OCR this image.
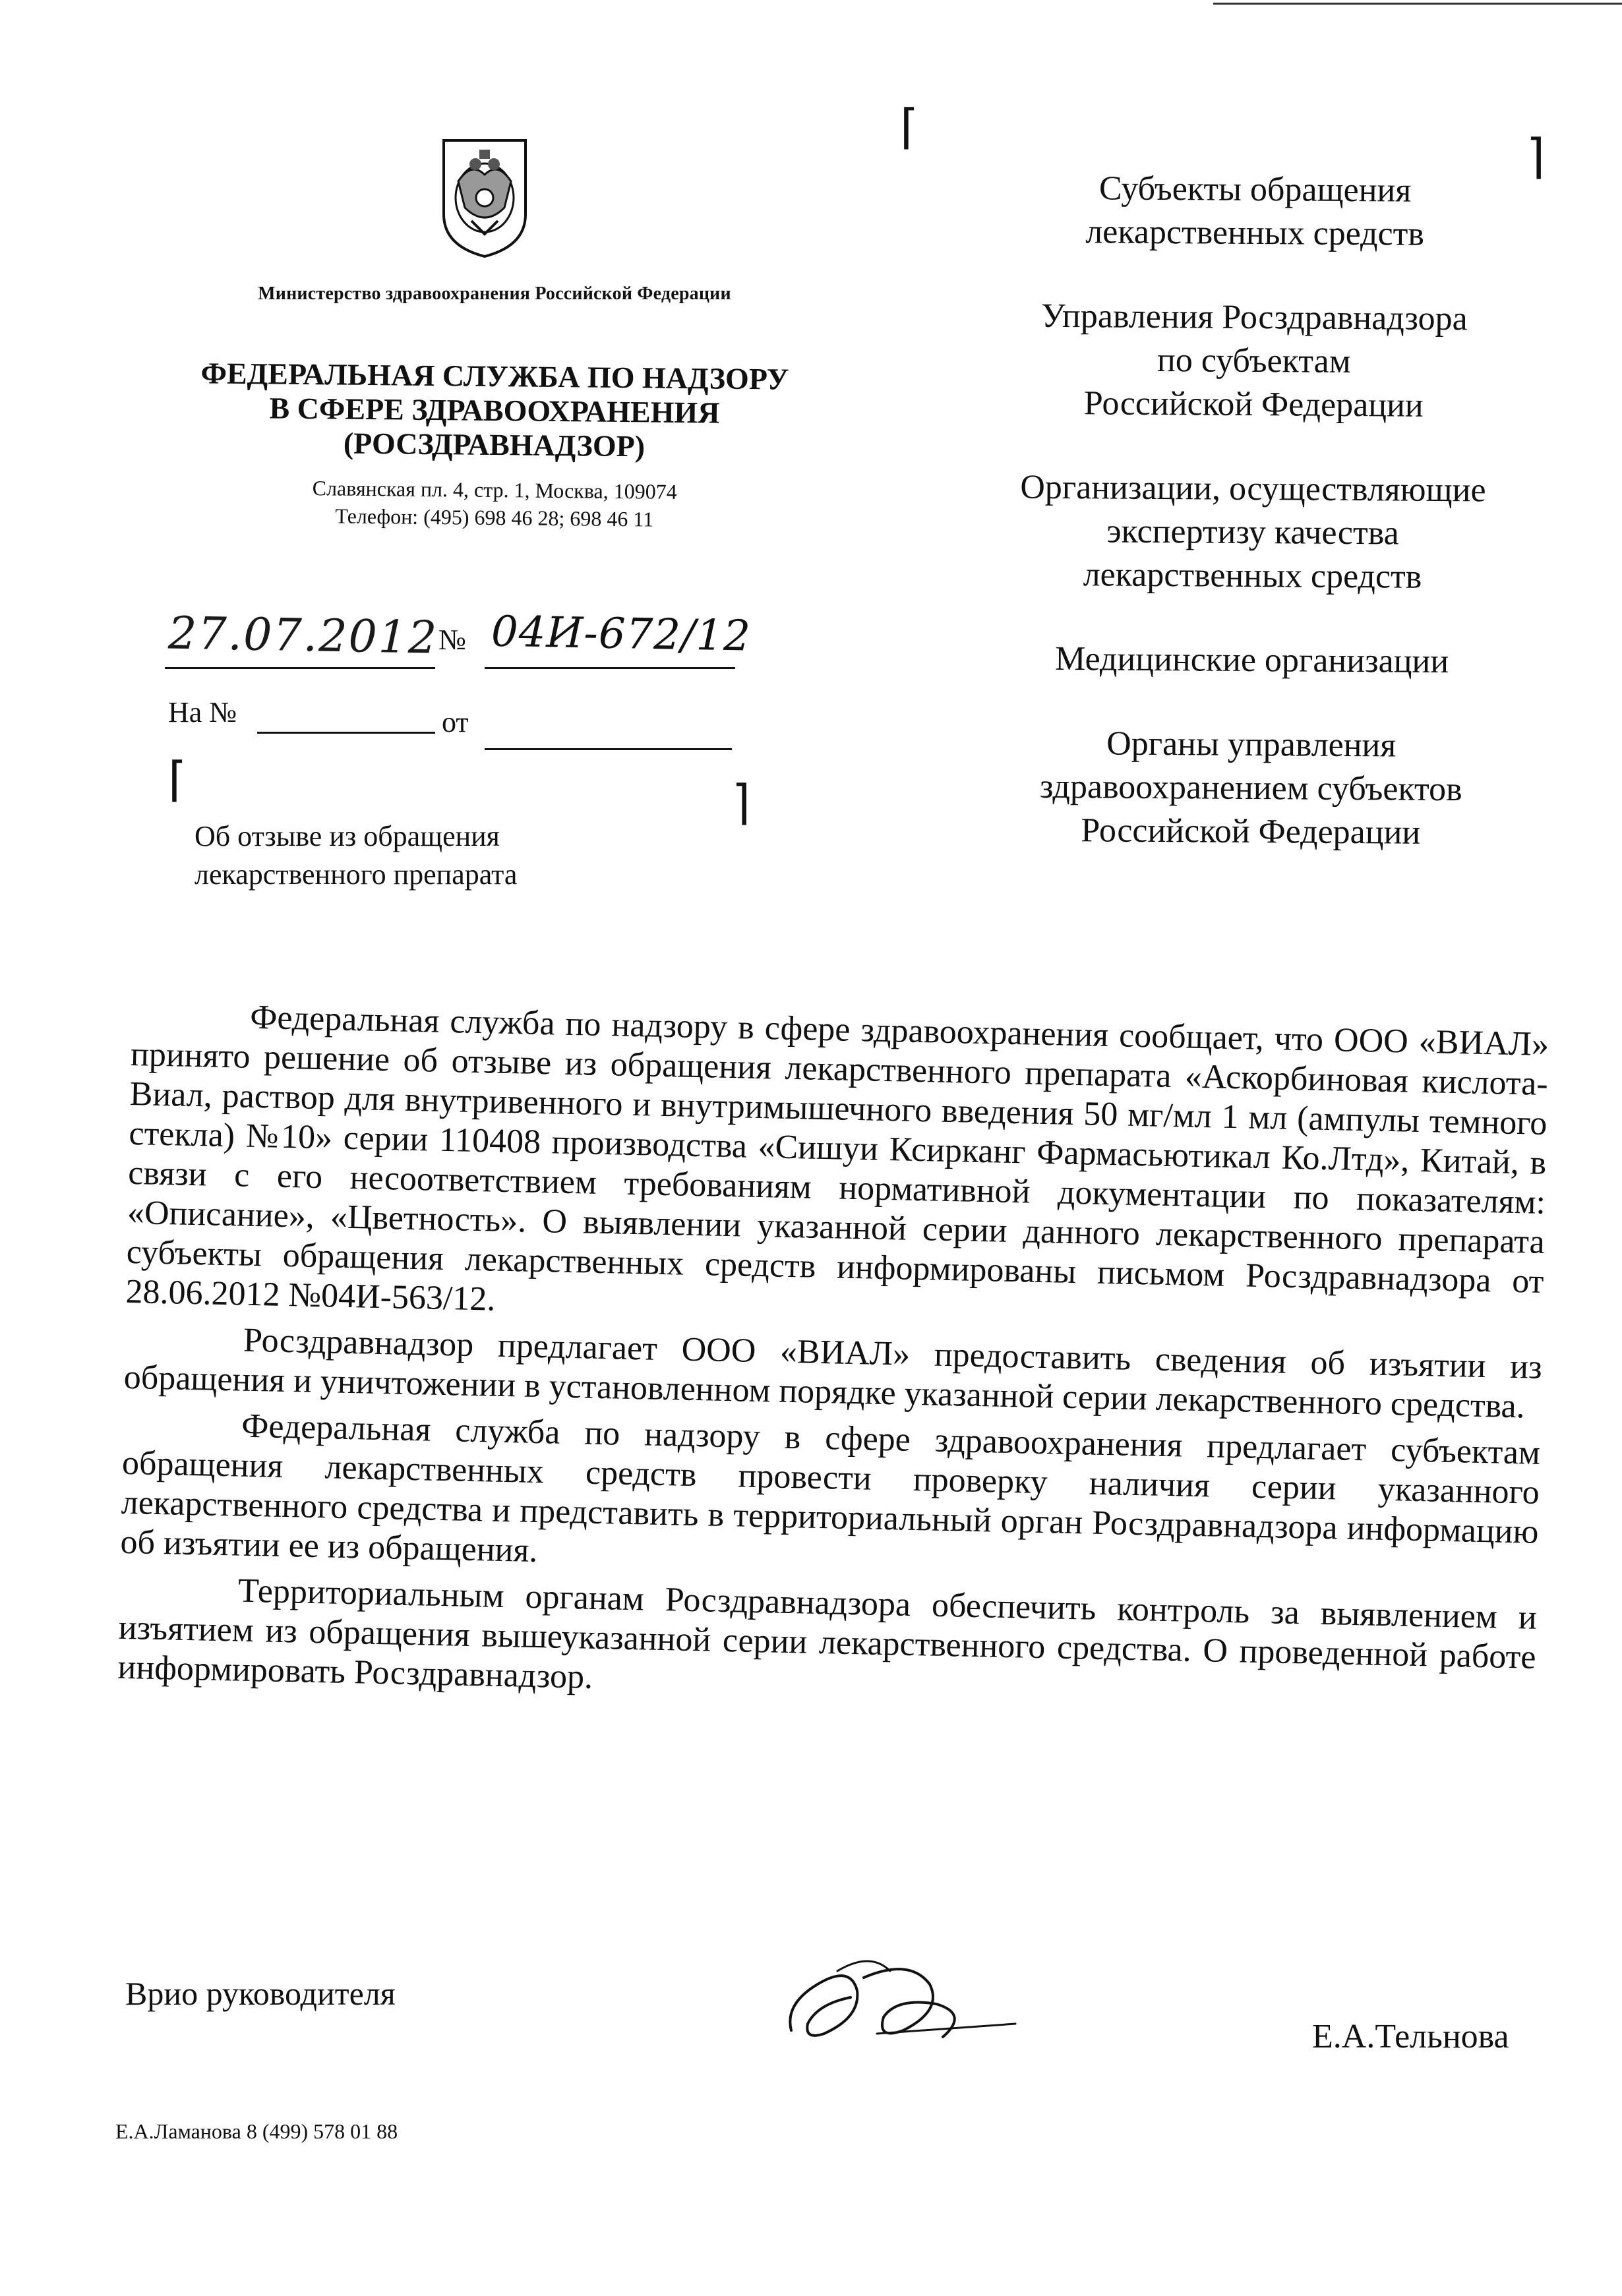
Министерство здравоохранения Российской Федерации
ФЕДЕРАЛЬНАЯ СЛУЖБА ПО НАДЗОРУ
В СФЕРЕ ЗДРАВООХРАНЕНИЯ
(РОСЗДРАВНАДЗОР)
Славянская пл. 4, стр. 1, Москва, 109074
Телефон: (495) 698 46 28; 698 46 11
27.07.2012 № 04И-672/12
На №	от
⌈
⌉
⌈	⌉
Об отзыве из обращения
лекарственного препарата
Субъекты обращения
лекарственных средств
Управления Росздравнадзора
по субъектам
Российской Федерации
Организации, осуществляющие
экспертизу качества
лекарственных средств
Медицинские организации
Органы управления
здравоохранением субъектов
Российской Федерации

Федеральная служба по надзору в сфере здравоохранения сообщает, что ООО «ВИАЛ» принято решение об отзыве из обращения лекарственного препарата «Аскорбиновая кислота-Виал, раствор для внутривенного и внутримышечного введения 50 мг/мл 1 мл (ампулы темного стекла) №10» серии 110408 производства «Сишуи Ксирканг Фармасьютикал Ко.Лтд», Китай, в связи с его несоответствием требованиям нормативной документации по показателям: «Описание», «Цветность». О выявлении указанной серии данного лекарственного препарата субъекты обращения лекарственных средств информированы письмом Росздравнадзора от 28.06.2012 №04И-563/12.

Росздравнадзор предлагает ООО «ВИАЛ» предоставить сведения об изъятии из обращения и уничтожении в установленном порядке указанной серии лекарственного средства.

Федеральная служба по надзору в сфере здравоохранения предлагает субъектам обращения лекарственных средств провести проверку наличия серии указанного лекарственного средства и представить в территориальный орган Росздравнадзора информацию об изъятии ее из обращения.

Территориальным органам Росздравнадзора обеспечить контроль за выявлением и изъятием из обращения вышеуказанной серии лекарственного средства. О проведенной работе информировать Росздравнадзор.

Врио руководителя
Е.А.Тельнова
Е.А.Ламанова 8 (499) 578 01 88
